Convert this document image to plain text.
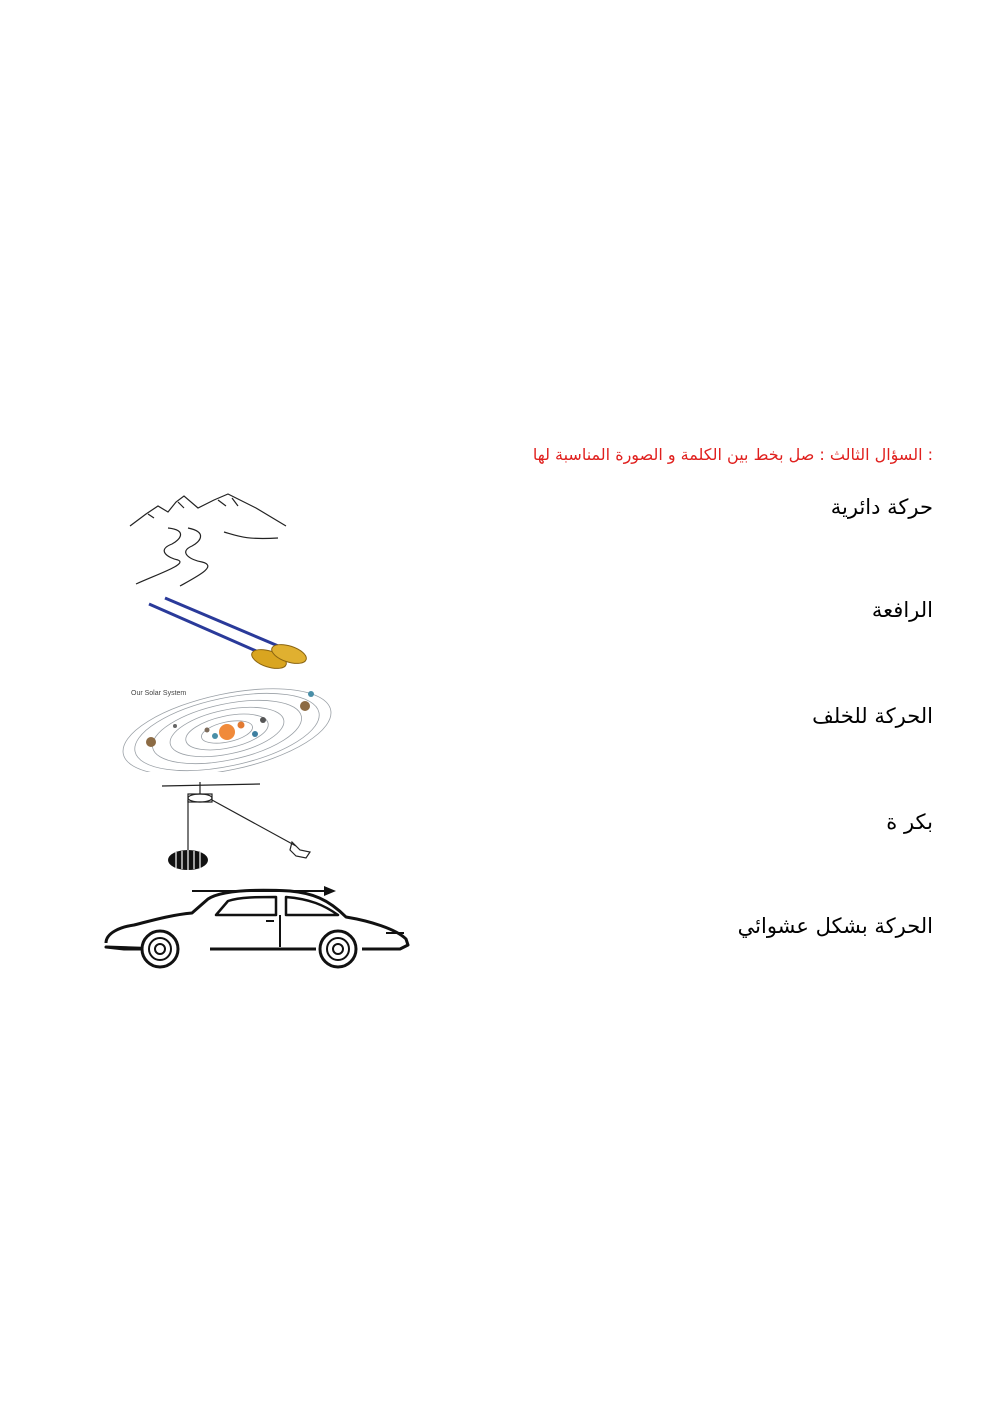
: السؤال الثالث : صل بخط بين الكلمة و الصورة المناسبة لها
حركة دائرية
الرافعة
الحركة للخلف
بكر ة
الحركة بشكل عشوائي
Our Solar System
